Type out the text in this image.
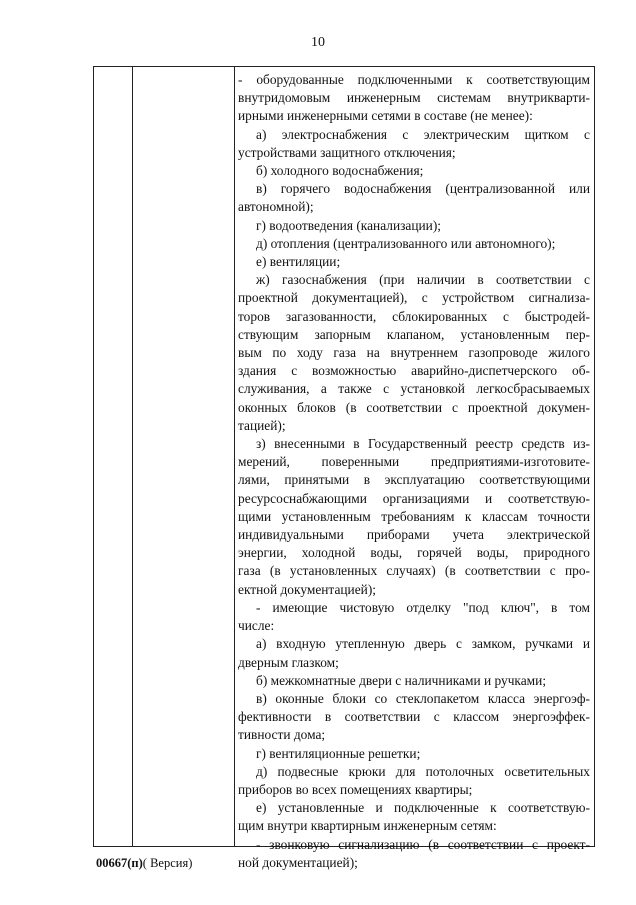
10
- оборудованные подключенными к соответствующим
внутридомовым инженерным системам внутрикварти-
ирными инженерными сетями в составе (не менее):
а) электроснабжения с электрическим щитком с
устройствами защитного отключения;
б) холодного водоснабжения;
в) горячего водоснабжения (централизованной или
автономной);
г) водоотведения (канализации);
д) отопления (централизованного или автономного);
е) вентиляции;
ж) газоснабжения (при наличии в соответствии с
проектной документацией), с устройством сигнализа-
торов загазованности, сблокированных с быстродей-
ствующим запорным клапаном, установленным пер-
вым по ходу газа на внутреннем газопроводе жилого
здания с возможностью аварийно-диспетчерского об-
служивания, а также с установкой легкосбрасываемых
оконных блоков (в соответствии с проектной докумен-
тацией);
з) внесенными в Государственный реестр средств из-
мерений, поверенными предприятиями-изготовите-
лями, принятыми в эксплуатацию соответствующими
ресурсоснабжающими организациями и соответствую-
щими установленным требованиям к классам точности
индивидуальными приборами учета электрической
энергии, холодной воды, горячей воды, природного
газа (в установленных случаях) (в соответствии с про-
ектной документацией);
- имеющие чистовую отделку "под ключ", в том
числе:
а) входную утепленную дверь с замком, ручками и
дверным глазком;
б) межкомнатные двери с наличниками и ручками;
в) оконные блоки со стеклопакетом класса энергоэф-
фективности в соответствии с классом энергоэффек-
тивности дома;
г) вентиляционные решетки;
д) подвесные крюки для потолочных осветительных
приборов во всех помещениях квартиры;
е) установленные и подключенные к соответствую-
щим внутри квартирным инженерным сетям:
- звонковую сигнализацию (в соответствии с проект-
ной документацией);
00667(п)( Версия)
